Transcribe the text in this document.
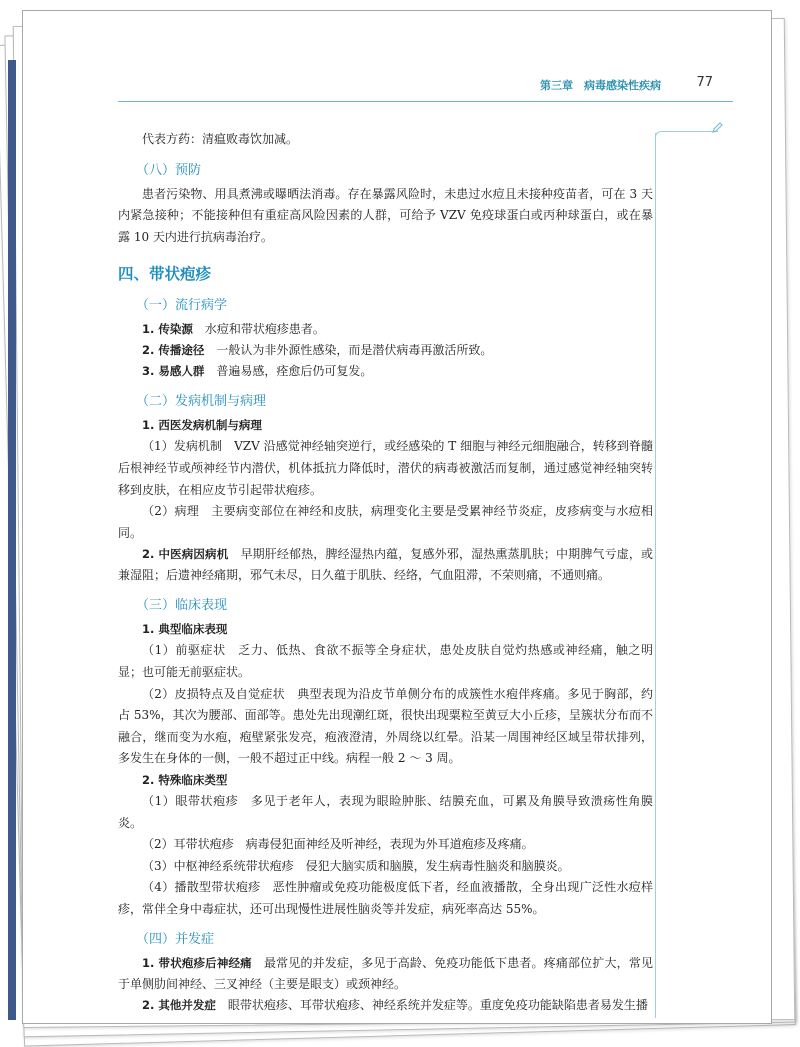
第三章　病毒感染性疾病	77

代表方药：清瘟败毒饮加减。

（八）预防

患者污染物、用具煮沸或曝晒法消毒。存在暴露风险时，未患过水痘且未接种疫苗者，可在 3 天内紧急接种；不能接种但有重症高风险因素的人群，可给予 VZV 免疫球蛋白或丙种球蛋白，或在暴露 10 天内进行抗病毒治疗。

四、带状疱疹
（一）流行病学

1. 传染源　水痘和带状疱疹患者。

2. 传播途径　一般认为非外源性感染，而是潜伏病毒再激活所致。

3. 易感人群　普遍易感，痊愈后仍可复发。

（二）发病机制与病理

1. 西医发病机制与病理

（1）发病机制　VZV 沿感觉神经轴突逆行，或经感染的 T 细胞与神经元细胞融合，转移到脊髓后根神经节或颅神经节内潜伏，机体抵抗力降低时，潜伏的病毒被激活而复制，通过感觉神经轴突转移到皮肤，在相应皮节引起带状疱疹。

（2）病理　主要病变部位在神经和皮肤，病理变化主要是受累神经节炎症，皮疹病变与水痘相同。

2. 中医病因病机　早期肝经郁热，脾经湿热内蕴，复感外邪，湿热熏蒸肌肤；中期脾气亏虚，或兼湿阻；后遗神经痛期，邪气未尽，日久蕴于肌肤、经络，气血阻滞，不荣则痛，不通则痛。

（三）临床表现

1. 典型临床表现

（1）前驱症状　乏力、低热、食欲不振等全身症状，患处皮肤自觉灼热感或神经痛，触之明显；也可能无前驱症状。

（2）皮损特点及自觉症状　典型表现为沿皮节单侧分布的成簇性水疱伴疼痛。多见于胸部，约占 53%，其次为腰部、面部等。患处先出现潮红斑，很快出现粟粒至黄豆大小丘疹，呈簇状分布而不融合，继而变为水疱，疱壁紧张发亮，疱液澄清，外周绕以红晕。沿某一周围神经区域呈带状排列，多发生在身体的一侧，一般不超过正中线。病程一般 2 ～ 3 周。

2. 特殊临床类型

（1）眼带状疱疹　多见于老年人，表现为眼睑肿胀、结膜充血，可累及角膜导致溃疡性角膜炎。

（2）耳带状疱疹　病毒侵犯面神经及听神经，表现为外耳道疱疹及疼痛。

（3）中枢神经系统带状疱疹　侵犯大脑实质和脑膜，发生病毒性脑炎和脑膜炎。

（4）播散型带状疱疹　恶性肿瘤或免疫功能极度低下者，经血液播散，全身出现广泛性水痘样疹，常伴全身中毒症状，还可出现慢性进展性脑炎等并发症，病死率高达 55%。

（四）并发症

1. 带状疱疹后神经痛　最常见的并发症，多见于高龄、免疫功能低下患者。疼痛部位扩大，常见于单侧肋间神经、三叉神经（主要是眼支）或颈神经。

2. 其他并发症　眼带状疱疹、耳带状疱疹、神经系统并发症等。重度免疫功能缺陷患者易发生播
